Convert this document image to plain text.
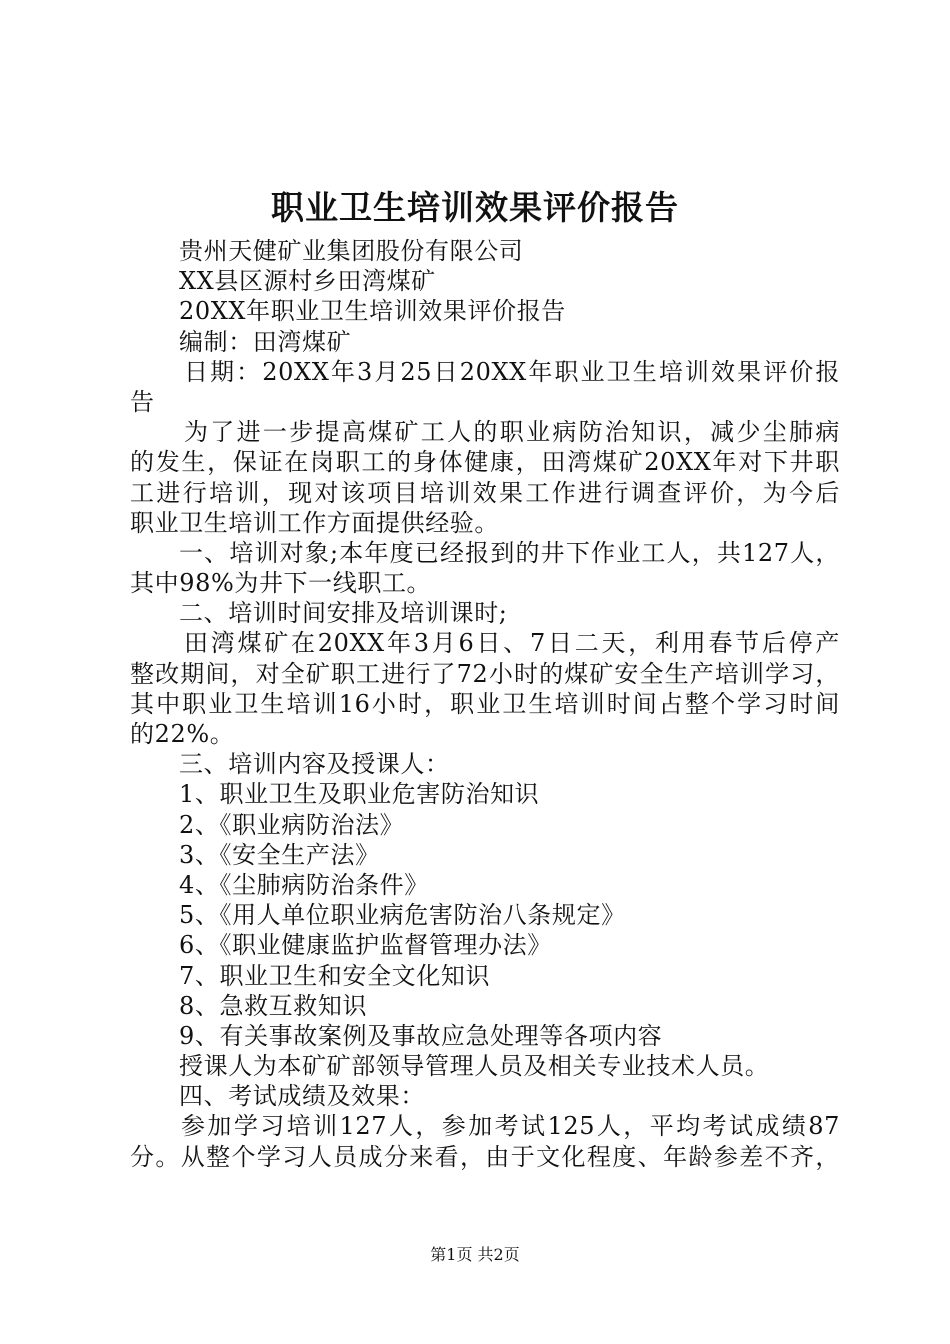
职业卫生培训效果评价报告
贵州天健矿业集团股份有限公司
XX县区源村乡田湾煤矿
20XX年职业卫生培训效果评价报告
编制：田湾煤矿
日期：20XX年3月25日20XX年职业卫生培训效果评价报
告
为了进一步提高煤矿工人的职业病防治知识，减少尘肺病
的发生，保证在岗职工的身体健康，田湾煤矿20XX年对下井职
工进行培训，现对该项目培训效果工作进行调查评价，为今后
职业卫生培训工作方面提供经验。
一、培训对象;本年度已经报到的井下作业工人，共127人，
其中98%为井下一线职工。
二、培训时间安排及培训课时;
田湾煤矿在20XX年3月6日、7日二天，利用春节后停产
整改期间，对全矿职工进行了72小时的煤矿安全生产培训学习，
其中职业卫生培训16小时，职业卫生培训时间占整个学习时间
的22%。
三、培训内容及授课人：
1、职业卫生及职业危害防治知识
2、《职业病防治法》
3、《安全生产法》
4、《尘肺病防治条件》
5、《用人单位职业病危害防治八条规定》
6、《职业健康监护监督管理办法》
7、职业卫生和安全文化知识
8、急救互救知识
9、有关事故案例及事故应急处理等各项内容
授课人为本矿矿部领导管理人员及相关专业技术人员。
四、考试成绩及效果：
参加学习培训127人，参加考试125人，平均考试成绩87
分。从整个学习人员成分来看，由于文化程度、年龄参差不齐，
第1页 共2页
